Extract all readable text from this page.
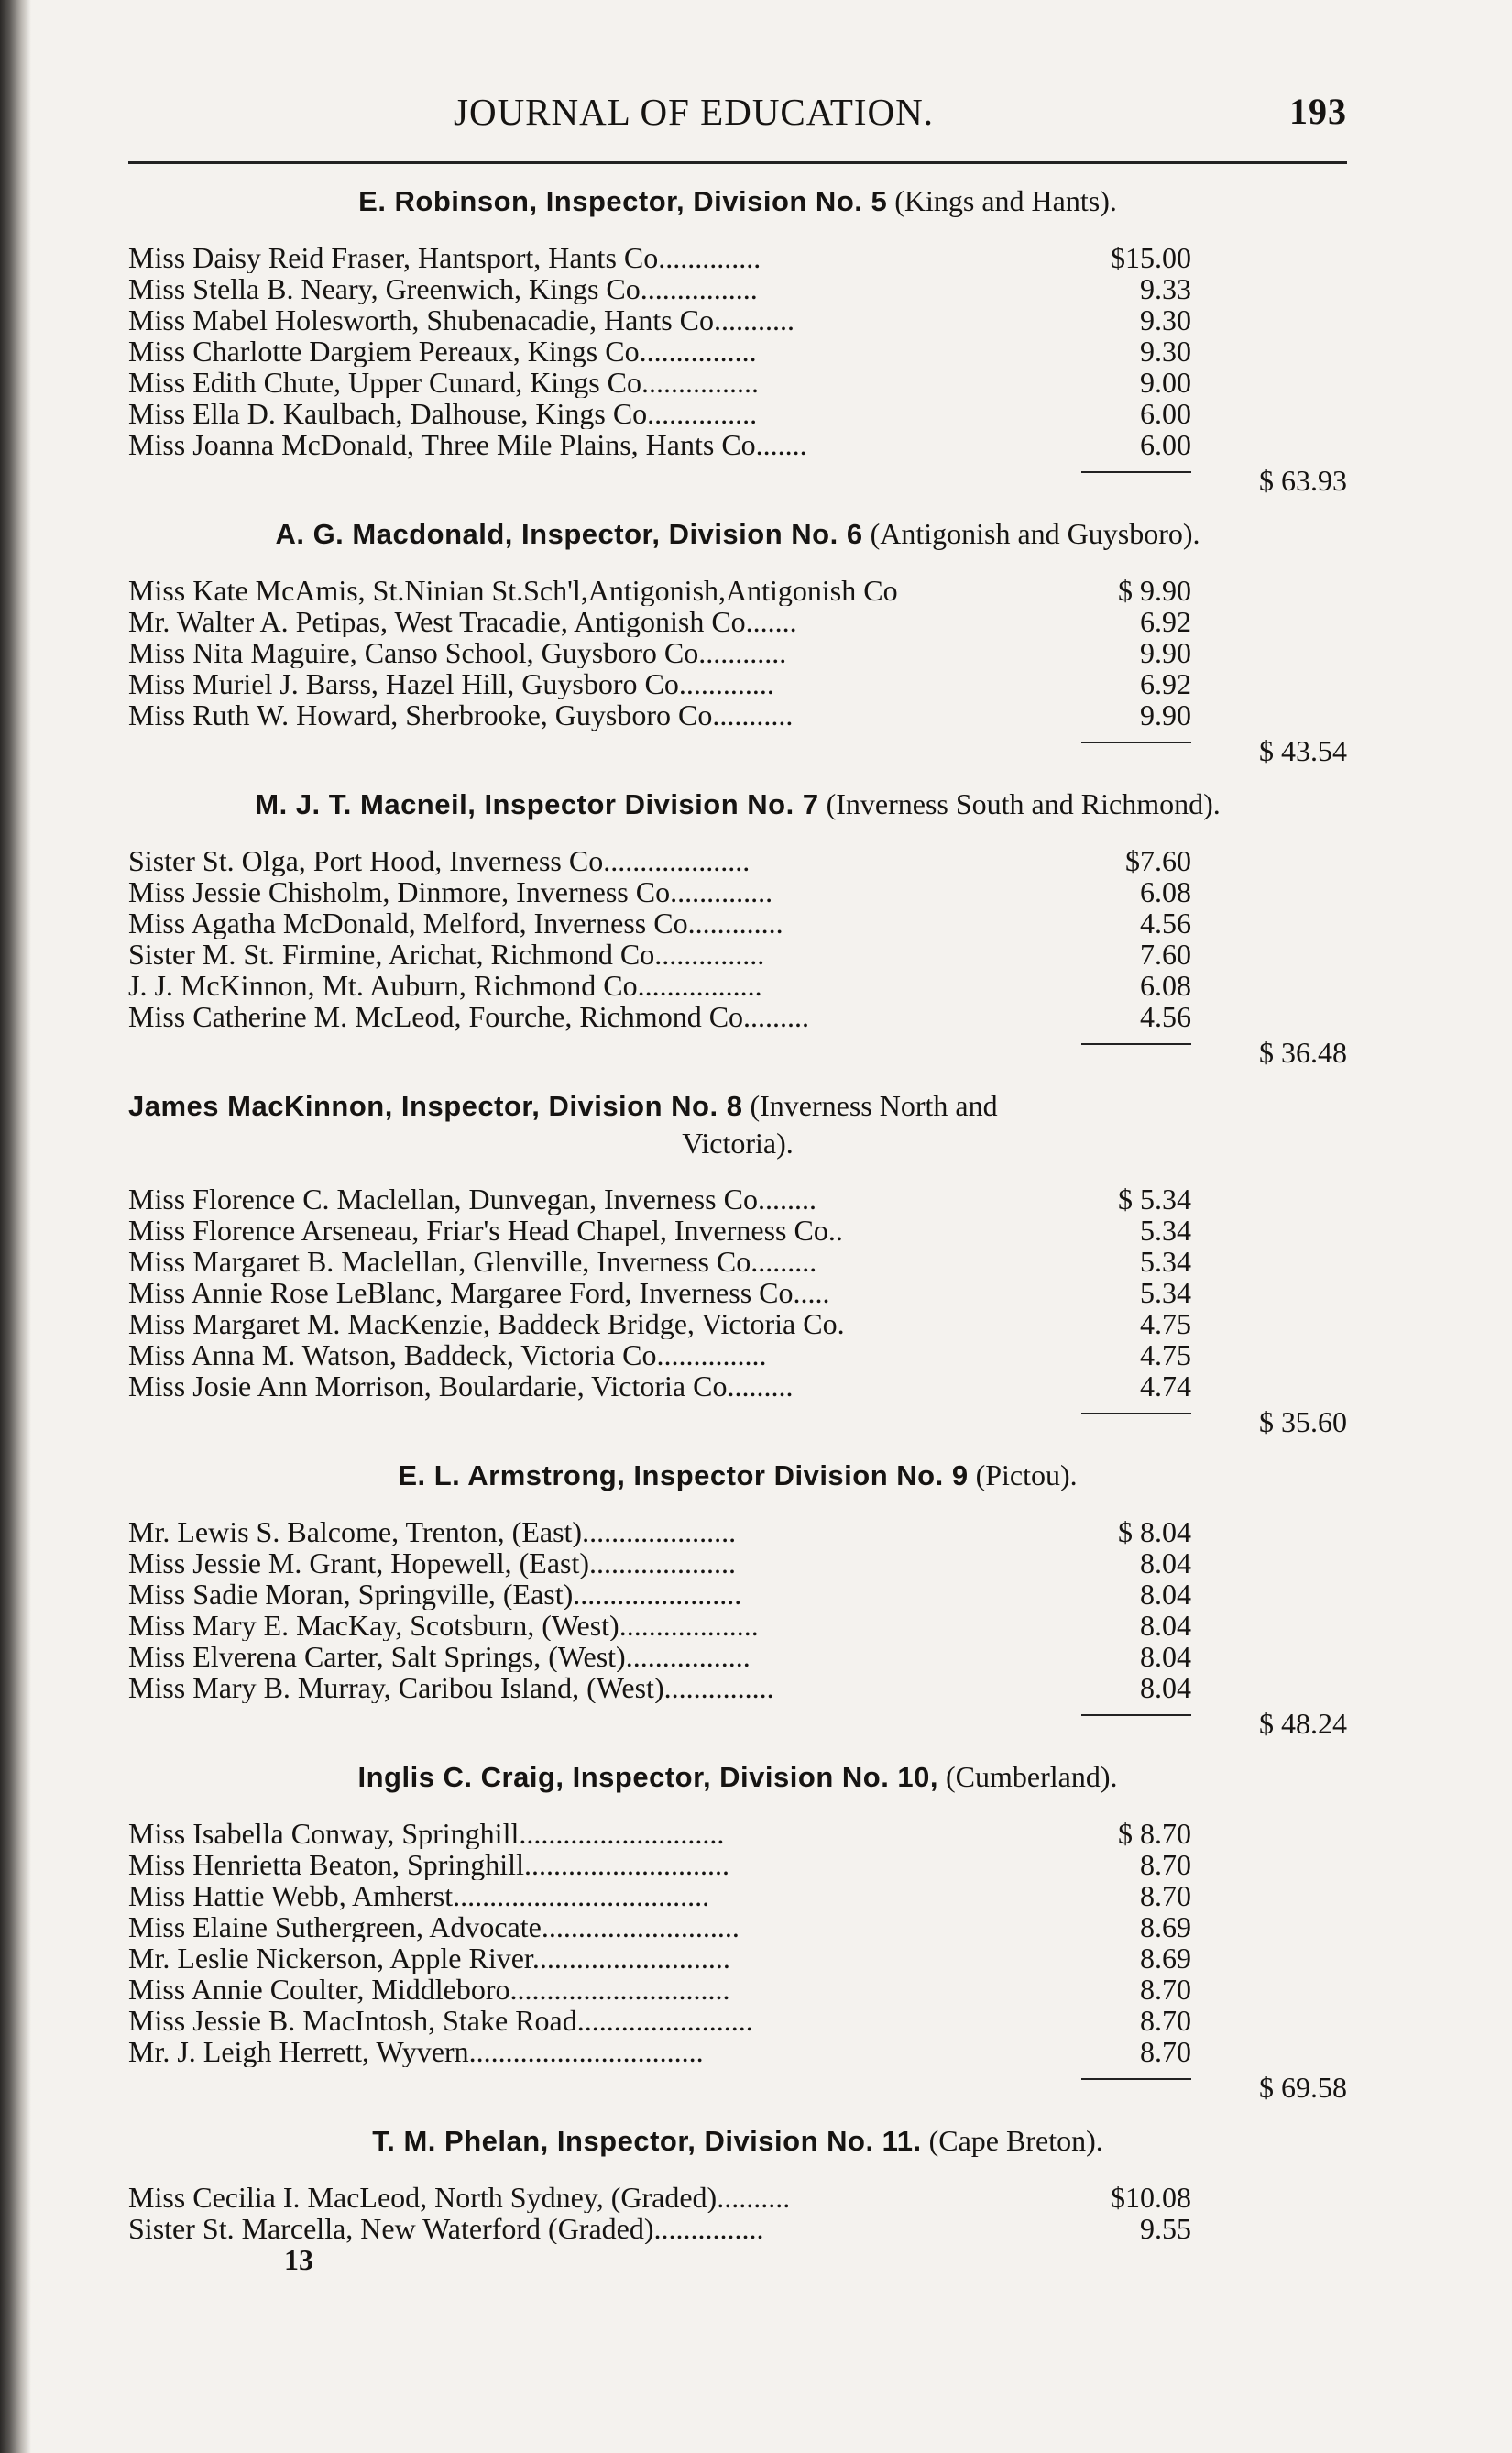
JOURNAL OF EDUCATION.	193
E. Robinson, Inspector, Division No. 5 (Kings and Hants).
Miss Daisy Reid Fraser, Hantsport, Hants Co..............	$15.00
Miss Stella B. Neary, Greenwich, Kings Co................	9.33
Miss Mabel Holesworth, Shubenacadie, Hants Co...........	9.30
Miss Charlotte Dargiem Pereaux, Kings Co................	9.30
Miss Edith Chute, Upper Cunard, Kings Co................	9.00
Miss Ella D. Kaulbach, Dalhouse, Kings Co...............	6.00
Miss Joanna McDonald, Three Mile Plains, Hants Co.......	6.00
$ 63.93
A. G. Macdonald, Inspector, Division No. 6 (Antigonish and Guysboro).
Miss Kate McAmis, St.Ninian St.Sch'l,Antigonish,Antigonish Co	$ 9.90
Mr. Walter A. Petipas, West Tracadie, Antigonish Co.......	6.92
Miss Nita Maguire, Canso School, Guysboro Co............	9.90
Miss Muriel J. Barss, Hazel Hill, Guysboro Co.............	6.92
Miss Ruth W. Howard, Sherbrooke, Guysboro Co...........	9.90
$ 43.54
M. J. T. Macneil, Inspector Division No. 7 (Inverness South and Richmond).
Sister St. Olga, Port Hood, Inverness Co....................	$7.60
Miss Jessie Chisholm, Dinmore, Inverness Co..............	6.08
Miss Agatha McDonald, Melford, Inverness Co.............	4.56
Sister M. St. Firmine, Arichat, Richmond Co...............	7.60
J. J. McKinnon, Mt. Auburn, Richmond Co.................	6.08
Miss Catherine M. McLeod, Fourche, Richmond Co.........	4.56
$ 36.48
James MacKinnon, Inspector, Division No. 8 (Inverness North and
Victoria).
Miss Florence C. Maclellan, Dunvegan, Inverness Co........	$ 5.34
Miss Florence Arseneau, Friar's Head Chapel, Inverness Co..	5.34
Miss Margaret B. Maclellan, Glenville, Inverness Co.........	5.34
Miss Annie Rose LeBlanc, Margaree Ford, Inverness Co.....	5.34
Miss Margaret M. MacKenzie, Baddeck Bridge, Victoria Co.	4.75
Miss Anna M. Watson, Baddeck, Victoria Co...............	4.75
Miss Josie Ann Morrison, Boulardarie, Victoria Co.........	4.74
$ 35.60
E. L. Armstrong, Inspector Division No. 9 (Pictou).
Mr. Lewis S. Balcome, Trenton, (East).....................	$ 8.04
Miss Jessie M. Grant, Hopewell, (East)....................	8.04
Miss Sadie Moran, Springville, (East).......................	8.04
Miss Mary E. MacKay, Scotsburn, (West)...................	8.04
Miss Elverena Carter, Salt Springs, (West).................	8.04
Miss Mary B. Murray, Caribou Island, (West)...............	8.04
$ 48.24
Inglis C. Craig, Inspector, Division No. 10, (Cumberland).
Miss Isabella Conway, Springhill............................	$ 8.70
Miss Henrietta Beaton, Springhill............................	8.70
Miss Hattie Webb, Amherst...................................	8.70
Miss Elaine Suthergreen, Advocate...........................	8.69
Mr. Leslie Nickerson, Apple River...........................	8.69
Miss Annie Coulter, Middleboro..............................	8.70
Miss Jessie B. MacIntosh, Stake Road........................	8.70
Mr. J. Leigh Herrett, Wyvern................................	8.70
$ 69.58
T. M. Phelan, Inspector, Division No. 11. (Cape Breton).
Miss Cecilia I. MacLeod, North Sydney, (Graded)..........	$10.08
Sister St. Marcella, New Waterford (Graded)...............	9.55
13
